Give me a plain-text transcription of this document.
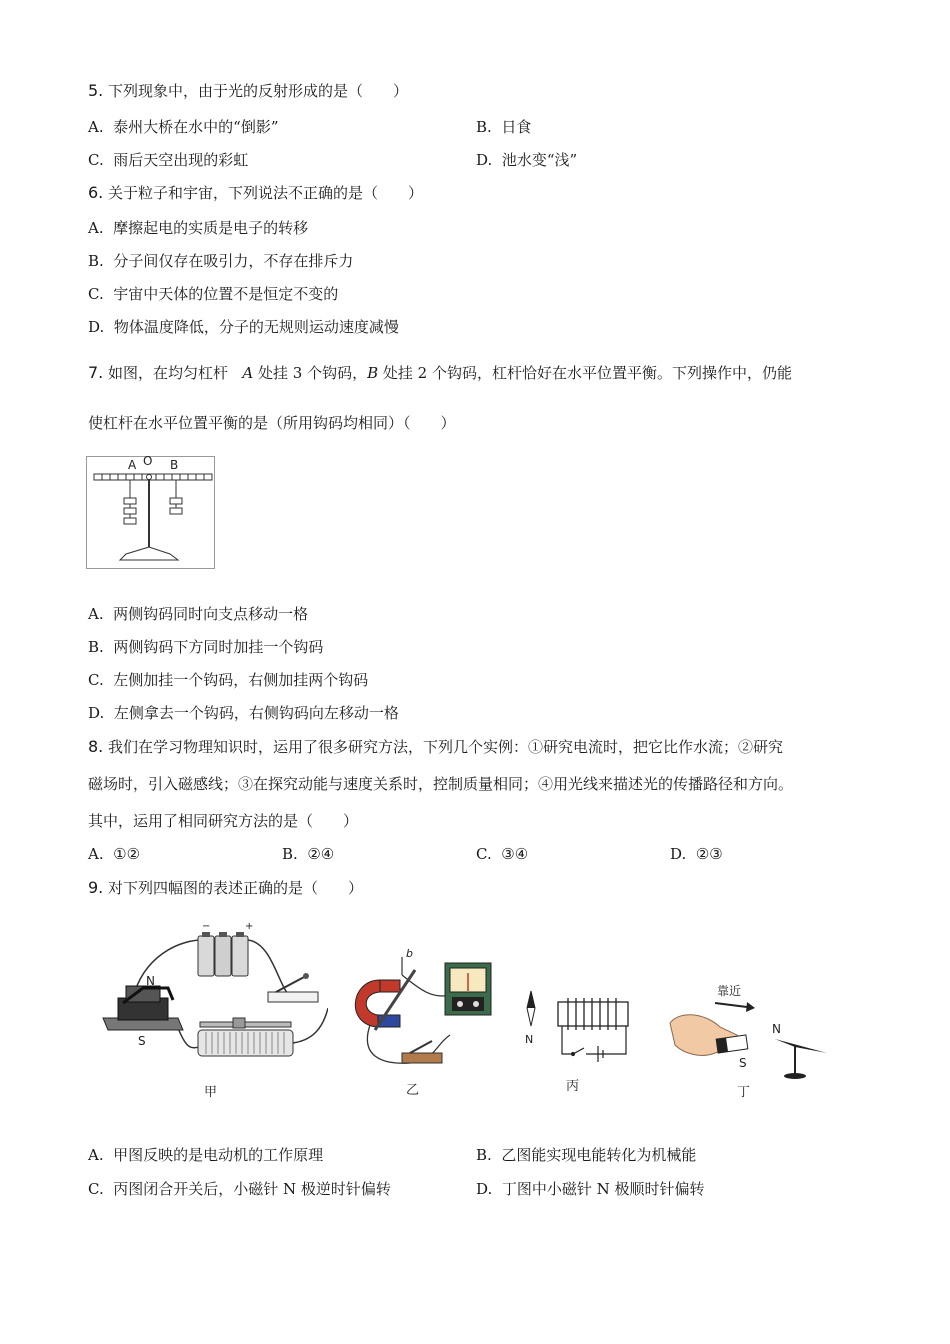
5. 下列现象中，由于光的反射形成的是（　　）
A. 泰州大桥在水中的“倒影”	B. 日食
C. 雨后天空出现的彩虹	D. 池水变“浅”
6. 关于粒子和宇宙，下列说法不正确的是（　　）
A. 摩擦起电的实质是电子的转移
B. 分子间仅存在吸引力，不存在排斥力
C. 宇宙中天体的位置不是恒定不变的
D. 物体温度降低，分子的无规则运动速度减慢
7. 如图，在均匀杠杆 A 处挂 3 个钩码，B 处挂 2 个钩码，杠杆恰好在水平位置平衡。下列操作中，仍能
使杠杆在水平位置平衡的是（所用钩码均相同）（　　）
A O B
A. 两侧钩码同时向支点移动一格
B. 两侧钩码下方同时加挂一个钩码
C. 左侧加挂一个钩码，右侧加挂两个钩码
D. 左侧拿去一个钩码，右侧钩码向左移动一格
8. 我们在学习物理知识时，运用了很多研究方法，下列几个实例：①研究电流时，把它比作水流；②研究
磁场时，引入磁感线；③在探究动能与速度关系时，控制质量相同；④用光线来描述光的传播路径和方向。
其中，运用了相同研究方法的是（　　）
A. ①②	B. ②④	C. ③④	D. ②③
9. 对下列四幅图的表述正确的是（　　）
−	+
N
S
甲
b
乙
N
丙
靠近
S
N
丁
A. 甲图反映的是电动机的工作原理	B. 乙图能实现电能转化为机械能
C. 丙图闭合开关后，小磁针 N 极逆时针偏转	D. 丁图中小磁针 N 极顺时针偏转
